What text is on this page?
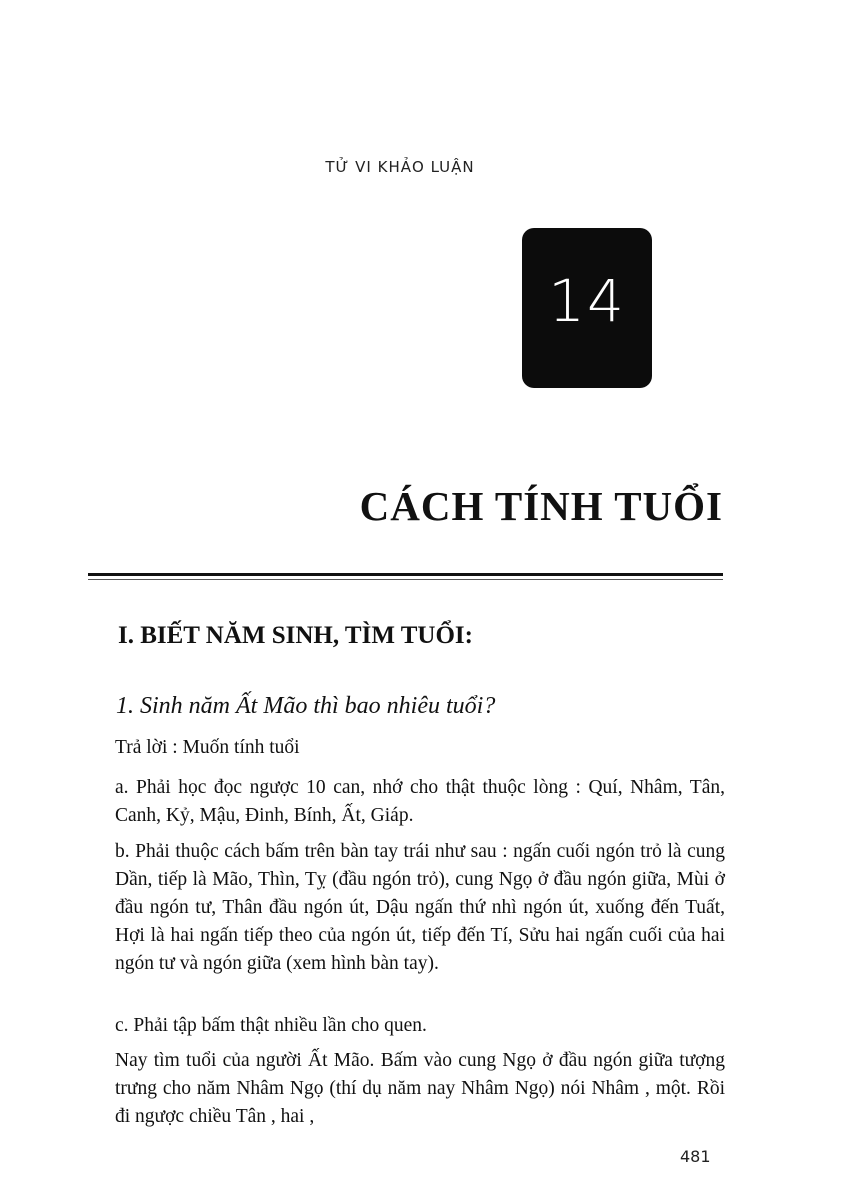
TỬ VI KHẢO LUẬN
14
CÁCH TÍNH TUỔI
I. BIẾT NĂM SINH, TÌM TUỔI:
1. Sinh năm Ất Mão thì bao nhiêu tuổi?
Trả lời : Muốn tính tuổi
a. Phải học đọc ngược 10 can, nhớ cho thật thuộc lòng : Quí, Nhâm, Tân, Canh, Kỷ, Mậu, Đinh, Bính, Ất, Giáp.
b. Phải thuộc cách bấm trên bàn tay trái như sau : ngấn cuối ngón trỏ là cung Dần, tiếp là Mão, Thìn, Tỵ (đầu ngón trỏ), cung Ngọ ở đầu ngón giữa, Mùi ở đầu ngón tư, Thân đầu ngón út, Dậu ngấn thứ nhì ngón út, xuống đến Tuất, Hợi là hai ngấn tiếp theo của ngón út, tiếp đến Tí, Sửu hai ngấn cuối của hai ngón tư và ngón giữa (xem hình bàn tay).
c. Phải tập bấm thật nhiều lần cho quen.
Nay tìm tuổi của người Ất Mão. Bấm vào cung Ngọ ở đầu ngón giữa tượng trưng cho năm Nhâm Ngọ (thí dụ năm nay Nhâm Ngọ) nói Nhâm , một. Rồi đi ngược chiều Tân , hai ,
481
